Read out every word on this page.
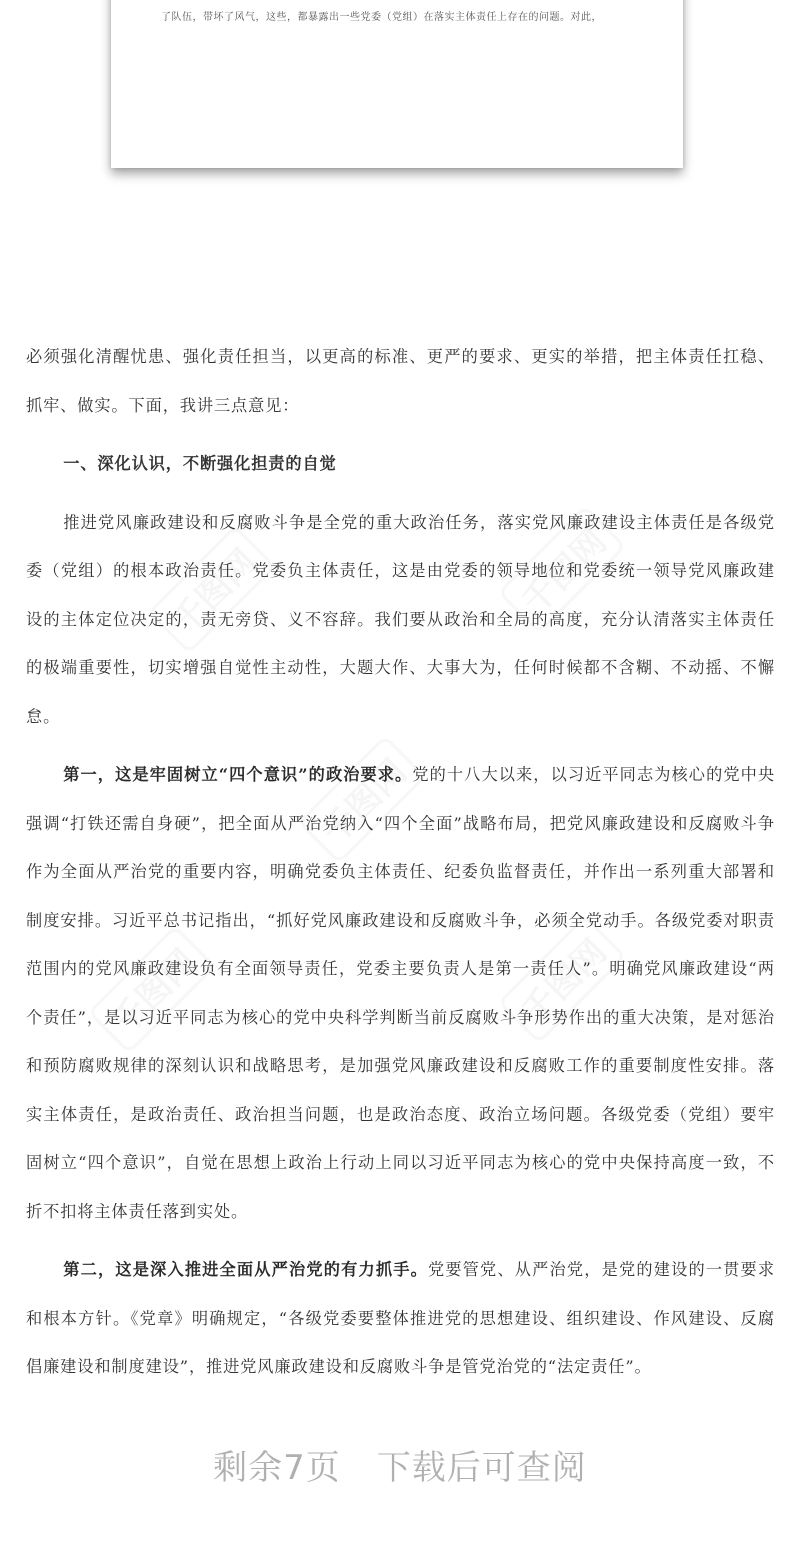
了队伍，带坏了风气，这些，都暴露出一些党委（党组）在落实主体责任上存在的问题。对此，
千图网	千图网
千图网
千图网	千图网

必须强化清醒忧患、强化责任担当，以更高的标准、更严的要求、更实的举措，把主体责任扛稳、抓牢、做实。下面，我讲三点意见：

一、深化认识，不断强化担责的自觉

推进党风廉政建设和反腐败斗争是全党的重大政治任务，落实党风廉政建设主体责任是各级党委（党组）的根本政治责任。党委负主体责任，这是由党委的领导地位和党委统一领导党风廉政建设的主体定位决定的，责无旁贷、义不容辞。我们要从政治和全局的高度，充分认清落实主体责任的极端重要性，切实增强自觉性主动性，大题大作、大事大为，任何时候都不含糊、不动摇、不懈怠。

第一，这是牢固树立“四个意识”的政治要求。党的十八大以来，以习近平同志为核心的党中央强调“打铁还需自身硬”，把全面从严治党纳入“四个全面”战略布局，把党风廉政建设和反腐败斗争作为全面从严治党的重要内容，明确党委负主体责任、纪委负监督责任，并作出一系列重大部署和制度安排。习近平总书记指出，“抓好党风廉政建设和反腐败斗争，必须全党动手。各级党委对职责范围内的党风廉政建设负有全面领导责任，党委主要负责人是第一责任人”。明确党风廉政建设“两个责任”，是以习近平同志为核心的党中央科学判断当前反腐败斗争形势作出的重大决策，是对惩治和预防腐败规律的深刻认识和战略思考，是加强党风廉政建设和反腐败工作的重要制度性安排。落实主体责任，是政治责任、政治担当问题，也是政治态度、政治立场问题。各级党委（党组）要牢固树立“四个意识”，自觉在思想上政治上行动上同以习近平同志为核心的党中央保持高度一致，不折不扣将主体责任落到实处。

第二，这是深入推进全面从严治党的有力抓手。党要管党、从严治党，是党的建设的一贯要求和根本方针。《党章》明确规定，“各级党委要整体推进党的思想建设、组织建设、作风建设、反腐倡廉建设和制度建设”，推进党风廉政建设和反腐败斗争是管党治党的“法定责任”。

剩余7页 下载后可查阅
